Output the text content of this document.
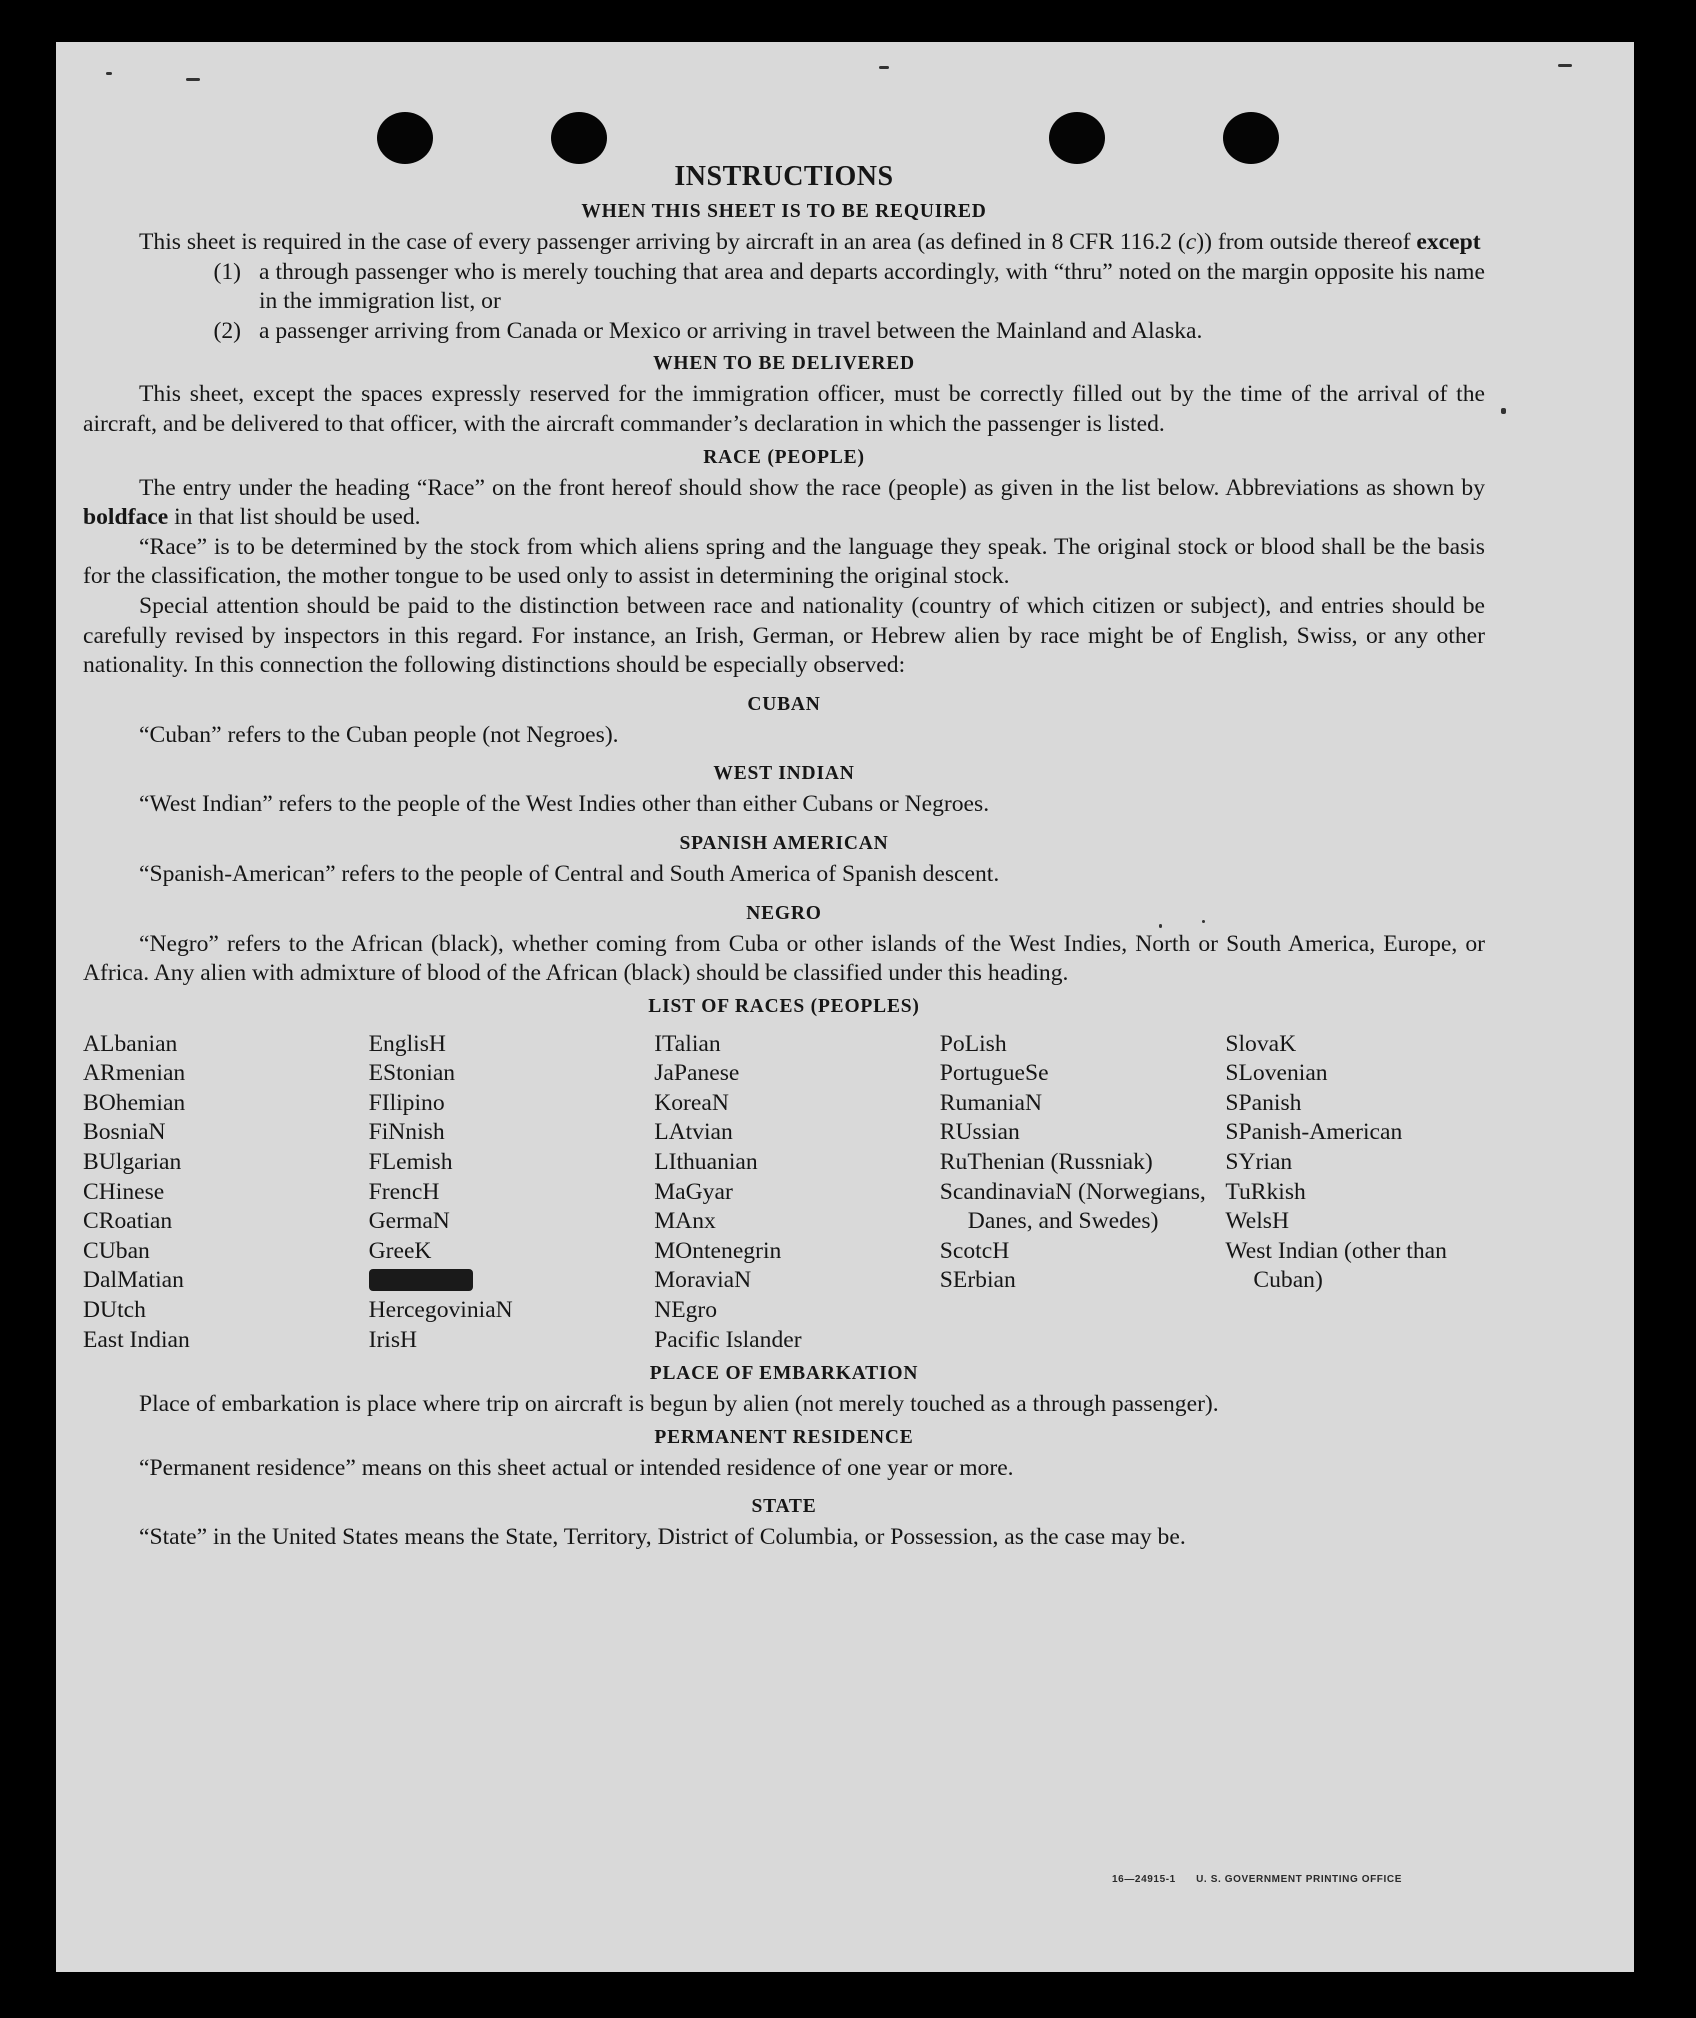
INSTRUCTIONS
WHEN THIS SHEET IS TO BE REQUIRED

This sheet is required in the case of every passenger arriving by aircraft in an area (as defined in 8 CFR 116.2 (c)) from outside thereof except

(1) a through passenger who is merely touching that area and departs accordingly, with “thru” noted on the margin opposite his name in the immigration list, or
(2) a passenger arriving from Canada or Mexico or arriving in travel between the Mainland and Alaska.
WHEN TO BE DELIVERED

This sheet, except the spaces expressly reserved for the immigration officer, must be correctly filled out by the time of the arrival of the aircraft, and be delivered to that officer, with the aircraft commander’s declaration in which the passenger is listed.

RACE (PEOPLE)

The entry under the heading “Race” on the front hereof should show the race (people) as given in the list below. Abbreviations as shown by boldface in that list should be used.

“Race” is to be determined by the stock from which aliens spring and the language they speak. The original stock or blood shall be the basis for the classification, the mother tongue to be used only to assist in determining the original stock.

Special attention should be paid to the distinction between race and nationality (country of which citizen or subject), and entries should be carefully revised by inspectors in this regard. For instance, an Irish, German, or Hebrew alien by race might be of English, Swiss, or any other nationality. In this connection the following distinctions should be especially observed:

CUBAN

“Cuban” refers to the Cuban people (not Negroes).

WEST INDIAN

“West Indian” refers to the people of the West Indies other than either Cubans or Negroes.

SPANISH AMERICAN

“Spanish-American” refers to the people of Central and South America of Spanish descent.

NEGRO

“Negro” refers to the African (black), whether coming from Cuba or other islands of the West Indies, North or South America, Europe, or Africa. Any alien with admixture of blood of the African (black) should be classified under this heading.

LIST OF RACES (PEOPLES)
ALbanian
ARmenian
BOhemian
BosniaN
BUlgarian
CHinese
CRoatian
CUban
DalMatian
DUtch
East Indian
EnglisH
EStonian
FIlipino
FiNnish
FLemish
FrencH
GermaN
GreeK
HercegoviniaN
IrisH
ITalian
JaPanese
KoreaN
LAtvian
LIthuanian
MaGyar
MAnx
MOntenegrin
MoraviaN
NEgro
Pacific Islander
PoLish
PortugueSe
RumaniaN
RUssian
RuThenian (Russniak)
ScandinaviaN (Norwegians, Danes, and Swedes)
ScotcH
SErbian
SlovaK
SLovenian
SPanish
SPanish-American
SYrian
TuRkish
WelsH
West Indian (other than Cuban)
PLACE OF EMBARKATION

Place of embarkation is place where trip on aircraft is begun by alien (not merely touched as a through passenger).

PERMANENT RESIDENCE

“Permanent residence” means on this sheet actual or intended residence of one year or more.

STATE

“State” in the United States means the State, Territory, District of Columbia, or Possession, as the case may be.

16—24915-1 U. S. GOVERNMENT PRINTING OFFICE
